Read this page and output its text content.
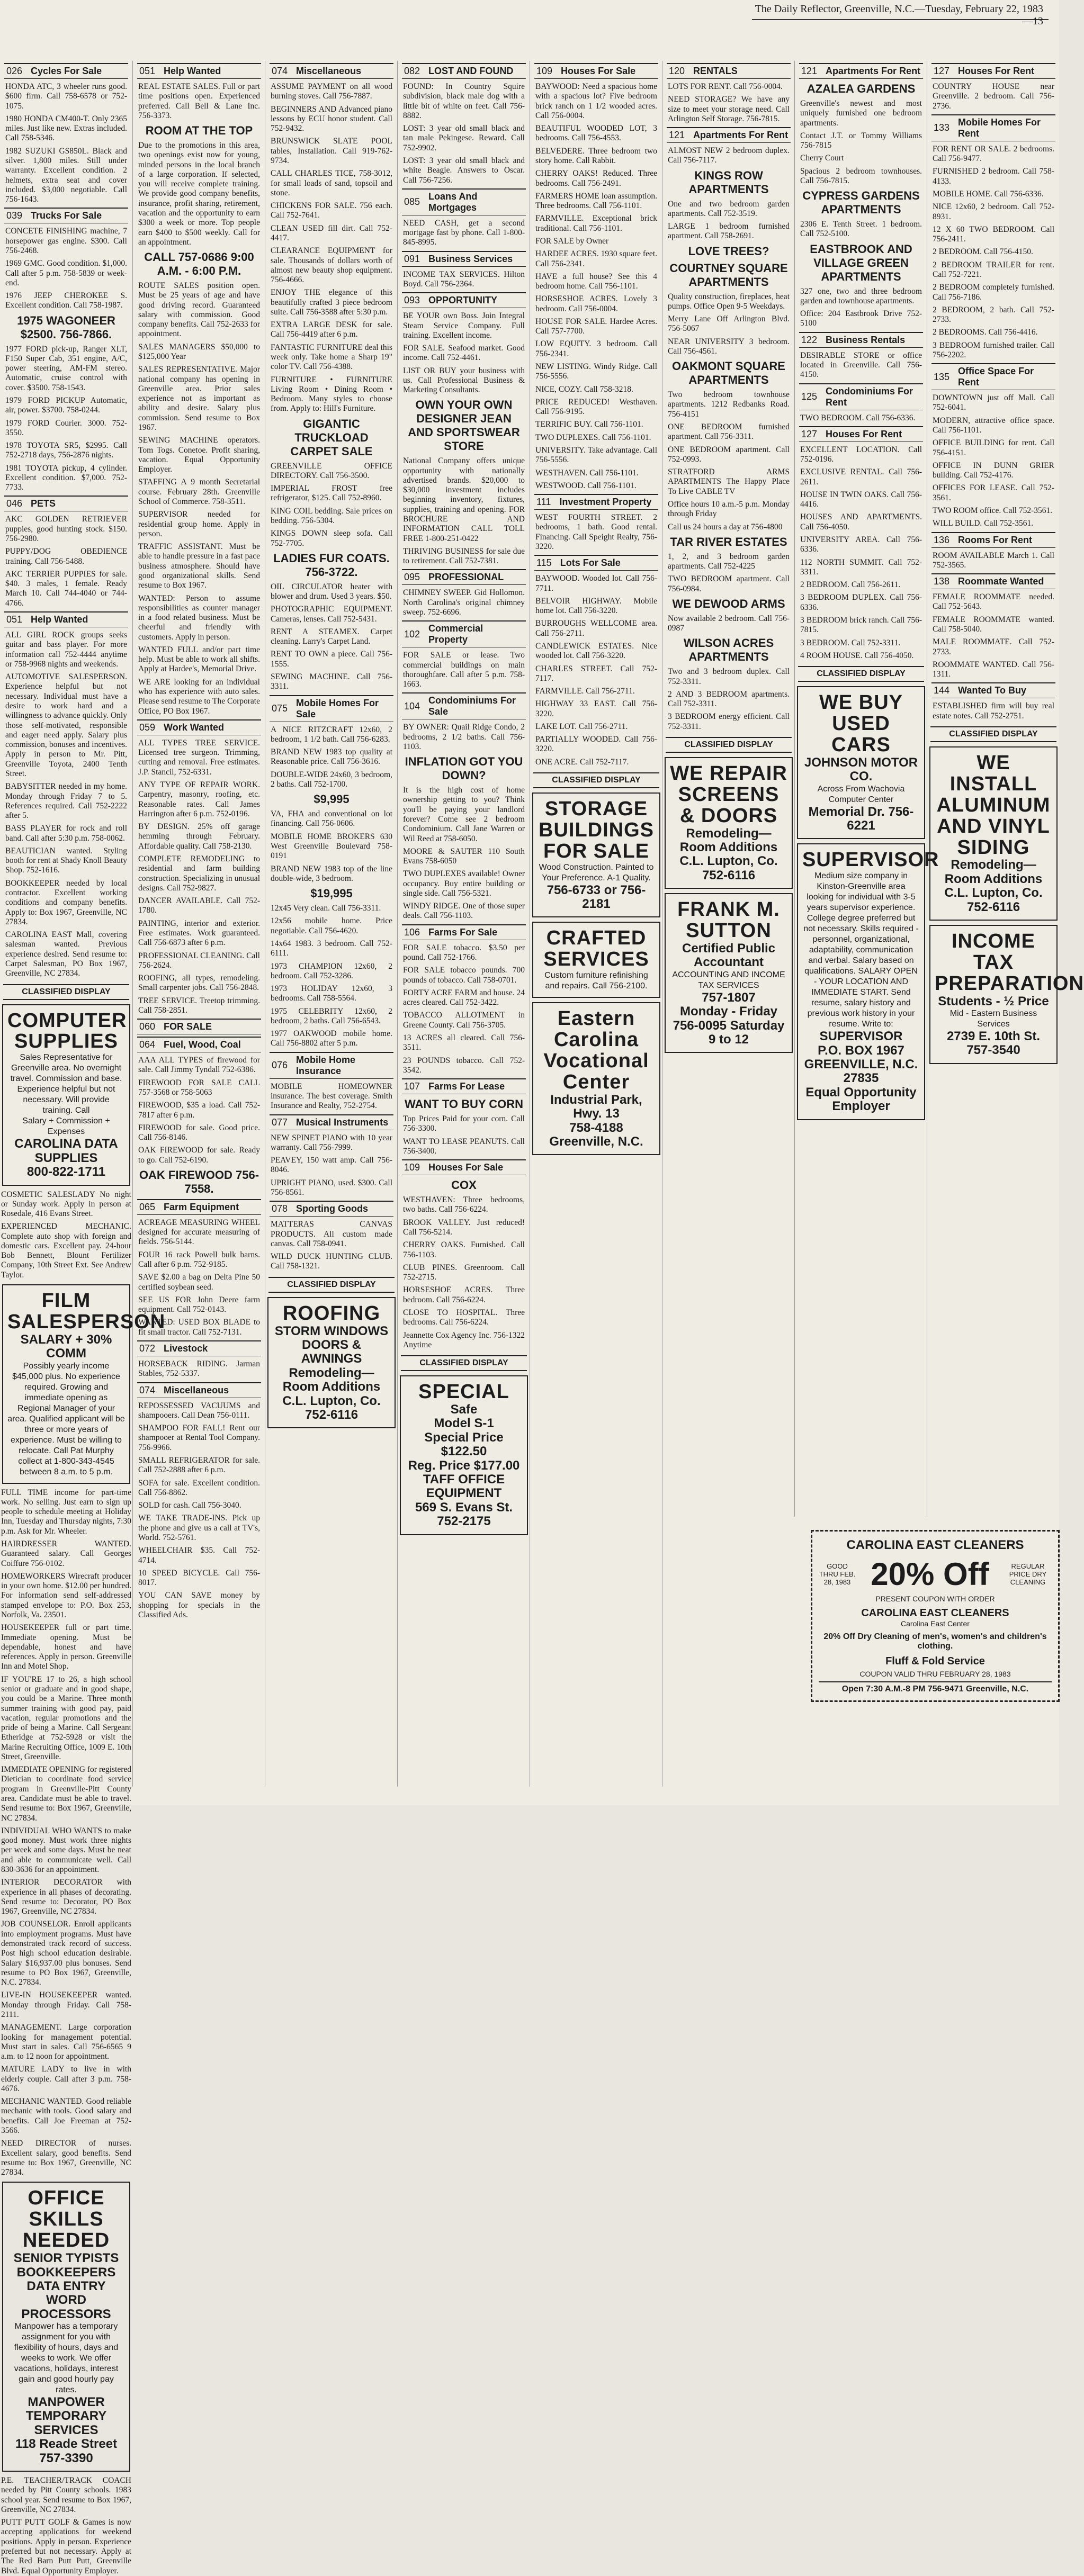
The Daily Reflector, Greenville, N.C.—Tuesday, February 22, 1983—13
026 Cycles For Sale
HONDA ATC, 3 wheeler runs good. $600 firm. Call 758-6578 or 752-1075.
1980 HONDA CM400-T. Only 2365 miles. Just like new. Extras included. Call 758-5346.
1982 SUZUKI GS850L. Black and silver. 1,800 miles. Still under warranty. Excellent condition. 2 helmets, extra seat and cover included. $3,000 negotiable. Call 756-1643.
039 Trucks For Sale
CONCETE FINISHING machine, 7 horsepower gas engine. $300. Call 756-2468.
1969 GMC. Good condition. $1,000. Call after 5 p.m. 758-5839 or week-end.
1976 JEEP CHEROKEE S. Excellent condition. Call 758-1987.
1975 WAGONEER $2500. 756-7866.
1977 FORD pick-up, Ranger XLT, F150 Super Cab, 351 engine, A/C, power steering, AM-FM stereo. Automatic, cruise control with cover. $3500. 758-1543.
1979 FORD PICKUP Automatic, air, power. $3700. 758-0244.
1979 FORD Courier. 3000. 752-3550.
1978 TOYOTA SR5, $2995. Call 752-2718 days, 756-2876 nights.
1981 TOYOTA pickup, 4 cylinder. Excellent condition. $7,000. 752-7733.
046 PETS
AKC GOLDEN RETRIEVER puppies, good hunting stock. $150. 756-2980.
PUPPY/DOG OBEDIENCE training. Call 756-5488.
AKC TERRIER PUPPIES for sale. $40. 3 males, 1 female. Ready March 10. Call 744-4040 or 744-4766.
051 Help Wanted
ALL GIRL ROCK groups seeks guitar and bass player. For more information call 752-4444 anytime or 758-9968 nights and weekends.
AUTOMOTIVE SALESPERSON. Experience helpful but not necessary. Individual must have a desire to work hard and a willingness to advance quickly. Only those self-motivated, responsible and eager need apply. Salary plus commission, bonuses and incentives. Apply in person to Mr. Pitt, Greenville Toyota, 2400 Tenth Street.
BABYSITTER needed in my home. Monday through Friday 7 to 5. References required. Call 752-2222 after 5.
BASS PLAYER for rock and roll band. Call after 5:30 p.m. 758-0062.
BEAUTICIAN wanted. Styling booth for rent at Shady Knoll Beauty Shop. 752-1616.
BOOKKEEPER needed by local contractor. Excellent working conditions and company benefits. Apply to: Box 1967, Greenville, NC 27834.
CAROLINA EAST Mall, covering salesman wanted. Previous experience desired. Send resume to: Carpet Salesman, PO Box 1967, Greenville, NC 27834.
CLASSIFIED DISPLAY
COMPUTER SUPPLIES
Sales Representative for Greenville area. No overnight travel. Commission and base. Experience helpful but not necessary. Will provide training. Call
Salary + Commission + Expenses
CAROLINA DATA SUPPLIES
800-822-1711
COSMETIC SALESLADY No night or Sunday work. Apply in person at Rosedale, 416 Evans Street.
EXPERIENCED MECHANIC. Complete auto shop with foreign and domestic cars. Excellent pay. 24-hour Bob Bennett, Blount Fertilizer Company, 10th Street Ext. See Andrew Taylor.
FILM SALESPERSON
SALARY + 30% COMM
Possibly yearly income $45,000 plus. No experience required. Growing and immediate opening as Regional Manager of your area. Qualified applicant will be three or more years of experience. Must be willing to relocate. Call Pat Murphy collect at 1-800-343-4545 between 8 a.m. to 5 p.m.
FULL TIME income for part-time work. No selling. Just earn to sign up people to schedule meeting at Holiday Inn, Tuesday and Thursday nights, 7:30 p.m. Ask for Mr. Wheeler.
HAIRDRESSER WANTED. Guaranteed salary. Call Georges Coiffure 756-0102.
HOMEWORKERS Wirecraft producer in your own home. $12.00 per hundred. For information send self-addressed stamped envelope to: P.O. Box 253, Norfolk, Va. 23501.
HOUSEKEEPER full or part time. Immediate opening. Must be dependable, honest and have references. Apply in person. Greenville Inn and Motel Shop.
IF YOU'RE 17 to 26, a high school senior or graduate and in good shape, you could be a Marine. Three month summer training with good pay, paid vacation, regular promotions and the pride of being a Marine. Call Sergeant Etheridge at 752-5928 or visit the Marine Recruiting Office, 1009 E. 10th Street, Greenville.
IMMEDIATE OPENING for registered Dietician to coordinate food service program in Greenville-Pitt County area. Candidate must be able to travel. Send resume to: Box 1967, Greenville, NC 27834.
INDIVIDUAL WHO WANTS to make good money. Must work three nights per week and some days. Must be neat and able to communicate well. Call 830-3636 for an appointment.
INTERIOR DECORATOR with experience in all phases of decorating. Send resume to: Decorator, PO Box 1967, Greenville, NC 27834.
JOB COUNSELOR. Enroll applicants into employment programs. Must have demonstrated track record of success. Post high school education desirable. Salary $16,937.00 plus bonuses. Send resume to PO Box 1967, Greenville, N.C. 27834.
LIVE-IN HOUSEKEEPER wanted. Monday through Friday. Call 758-2111.
MANAGEMENT. Large corporation looking for management potential. Must start in sales. Call 756-6565 9 a.m. to 12 noon for appointment.
MATURE LADY to live in with elderly couple. Call after 3 p.m. 758-4676.
MECHANIC WANTED. Good reliable mechanic with tools. Good salary and benefits. Call Joe Freeman at 752-3566.
NEED DIRECTOR of nurses. Excellent salary, good benefits. Send resume to: Box 1967, Greenville, NC 27834.
OFFICE SKILLS NEEDED
SENIOR TYPISTS
BOOKKEEPERS
DATA ENTRY
WORD PROCESSORS
Manpower has a temporary assignment for you with flexibility of hours, days and weeks to work. We offer vacations, holidays, interest gain and good hourly pay rates.
MANPOWER TEMPORARY SERVICES
118 Reade Street
757-3390
P.E. TEACHER/TRACK COACH needed by Pitt County schools. 1983 school year. Send resume to Box 1967, Greenville, NC 27834.
PUTT PUTT GOLF & Games is now accepting applications for weekend positions. Apply in person. Experience preferred but not necessary. Apply at The Red Barn Putt Putt, Greenville Blvd. Equal Opportunity Employer.
051 Help Wanted
REAL ESTATE SALES. Full or part time positions open. Experienced preferred. Call Bell & Lane Inc. 756-3373.
ROOM AT THE TOP
Due to the promotions in this area, two openings exist now for young, minded persons in the local branch of a large corporation. If selected, you will receive complete training. We provide good company benefits, insurance, profit sharing, retirement, vacation and the opportunity to earn $300 a week or more. Top people earn $400 to $500 weekly. Call for an appointment.
CALL 757-0686 9:00 A.M. - 6:00 P.M.
ROUTE SALES position open. Must be 25 years of age and have good driving record. Guaranteed salary with commission. Good company benefits. Call 752-2633 for appointment.
SALES MANAGERS $50,000 to $125,000 Year
SALES REPRESENTATIVE. Major national company has opening in Greenville area. Prior sales experience not as important as ability and desire. Salary plus commission. Send resume to Box 1967.
SEWING MACHINE operators. Tom Togs. Conetoe. Profit sharing, vacation. Equal Opportunity Employer.
STAFFING A 9 month Secretarial course. February 28th. Greenville School of Commerce. 758-3511.
SUPERVISOR needed for residential group home. Apply in person.
TRAFFIC ASSISTANT. Must be able to handle pressure in a fast pace business atmosphere. Should have good organizational skills. Send resume to Box 1967.
WANTED: Person to assume responsibilities as counter manager in a food related business. Must be cheerful and friendly with customers. Apply in person.
WANTED FULL and/or part time help. Must be able to work all shifts. Apply at Hardee's, Memorial Drive.
WE ARE looking for an individual who has experience with auto sales. Please send resume to The Corporate Office, PO Box 1967.
059 Work Wanted
ALL TYPES TREE SERVICE. Licensed tree surgeon. Trimming, cutting and removal. Free estimates. J.P. Stancil, 752-6331.
ANY TYPE OF REPAIR WORK. Carpentry, masonry, roofing, etc. Reasonable rates. Call James Harrington after 6 p.m. 752-0196.
BY DESIGN. 25% off garage hemming through February. Affordable quality. Call 758-2130.
COMPLETE REMODELING to residential and farm building construction. Specializing in unusual designs. Call 752-9827.
DANCER AVAILABLE. Call 752-1780.
PAINTING, interior and exterior. Free estimates. Work guaranteed. Call 756-6873 after 6 p.m.
PROFESSIONAL CLEANING. Call 756-2624.
ROOFING, all types, remodeling. Small carpenter jobs. Call 756-2848.
TREE SERVICE. Treetop trimming. Call 758-2851.
060 FOR SALE
064 Fuel, Wood, Coal
AAA ALL TYPES of firewood for sale. Call Jimmy Tyndall 752-6386.
FIREWOOD FOR SALE CALL 757-3568 or 758-5063
FIREWOOD, $35 a load. Call 752-7817 after 6 p.m.
FIREWOOD for sale. Good price. Call 756-8146.
OAK FIREWOOD for sale. Ready to go. Call 752-6190.
OAK FIREWOOD 756-7558.
065 Farm Equipment
ACREAGE MEASURING WHEEL designed for accurate measuring of fields. 756-5144.
FOUR 16 rack Powell bulk barns. Call after 6 p.m. 752-9185.
SAVE $2.00 a bag on Delta Pine 50 certified soybean seed.
SEE US FOR John Deere farm equipment. Call 752-0143.
WANTED: USED BOX BLADE to fit small tractor. Call 752-7131.
072 Livestock
HORSEBACK RIDING. Jarman Stables, 752-5337.
074 Miscellaneous
REPOSSESSED VACUUMS and shampooers. Call Dean 756-0111.
SHAMPOO FOR FALL! Rent our shampooer at Rental Tool Company. 756-9966.
SMALL REFRIGERATOR for sale. Call 752-2888 after 6 p.m.
SOFA for sale. Excellent condition. Call 756-8862.
SOLD for cash. Call 756-3040.
WE TAKE TRADE-INS. Pick up the phone and give us a call at TV's, World. 752-5761.
WHEELCHAIR $35. Call 752-4714.
10 SPEED BICYCLE. Call 756-8017.
YOU CAN SAVE money by shopping for specials in the Classified Ads.
074 Miscellaneous
ASSUME PAYMENT on all wood burning stoves. Call 756-7887.
BEGINNERS AND Advanced piano lessons by ECU honor student. Call 752-9432.
BRUNSWICK SLATE POOL tables, Installation. Call 919-762-9734.
CALL CHARLES TICE, 758-3012, for small loads of sand, topsoil and stone.
CHICKENS FOR SALE. 756 each. Call 752-7641.
CLEAN USED fill dirt. Call 752-4417.
CLEARANCE EQUIPMENT for sale. Thousands of dollars worth of almost new beauty shop equipment. 756-4666.
ENJOY THE elegance of this beautifully crafted 3 piece bedroom suite. Call 756-3588 after 5:30 p.m.
EXTRA LARGE DESK for sale. Call 756-4419 after 6 p.m.
FANTASTIC FURNITURE deal this week only. Take home a Sharp 19" color TV. Call 756-4388.
FURNITURE • FURNITURE Living Room • Dining Room • Bedroom. Many styles to choose from. Apply to: Hill's Furniture.
GIGANTIC TRUCKLOAD CARPET SALE
GREENVILLE OFFICE DIRECTORY. Call 756-3500.
IMPERIAL FROST free refrigerator, $125. Call 752-8960.
KING COIL bedding. Sale prices on bedding. 756-5304.
KINGS DOWN sleep sofa. Call 752-7705.
LADIES FUR COATS. 756-3722.
OIL CIRCULATOR heater with blower and drum. Used 3 years. $50.
PHOTOGRAPHIC EQUIPMENT. Cameras, lenses. Call 752-5431.
RENT A STEAMEX. Carpet cleaning. Larry's Carpet Land.
RENT TO OWN a piece. Call 756-1555.
SEWING MACHINE. Call 756-3311.
075
Mobile Homes For Sale
A NICE RITZCRAFT 12x60, 2 bedroom, 1 1/2 bath. Call 756-6283.
BRAND NEW 1983 top quality at Reasonable price. Call 756-3616.
DOUBLE-WIDE 24x60, 3 bedroom, 2 baths. Call 752-1700.
$9,995
VA, FHA and conventional on lot financing. Call 756-0606.
MOBILE HOME BROKERS 630 West Greenville Boulevard 758-0191
BRAND NEW 1983 top of the line double-wide, 3 bedroom.
$19,995
12x45 Very clean. Call 756-3311.
12x56 mobile home. Price negotiable. Call 756-4620.
14x64 1983. 3 bedroom. Call 752-6111.
1973 CHAMPION 12x60, 2 bedroom. Call 752-3286.
1973 HOLIDAY 12x60, 3 bedrooms. Call 758-5564.
1975 CELEBRITY 12x60, 2 bedroom, 2 baths. Call 756-6543.
1977 OAKWOOD mobile home. Call 756-8802 after 5 p.m.
076
Mobile Home Insurance
MOBILE HOMEOWNER insurance. The best coverage. Smith Insurance and Realty, 752-2754.
077 Musical Instruments
NEW SPINET PIANO with 10 year warranty. Call 756-7999.
PEAVEY, 150 watt amp. Call 756-8046.
UPRIGHT PIANO, used. $300. Call 756-8561.
078 Sporting Goods
MATTERAS CANVAS PRODUCTS. All custom made canvas. Call 758-0941.
WILD DUCK HUNTING CLUB. Call 758-1321.
CLASSIFIED DISPLAY
ROOFING
STORM WINDOWS
DOORS & AWNINGS
Remodeling—Room Additions
C.L. Lupton, Co.
752-6116
082 LOST AND FOUND
FOUND: In Country Squire subdivision, black male dog with a little bit of white on feet. Call 756-8882.
LOST: 3 year old small black and tan male Pekingese. Reward. Call 752-9902.
LOST: 3 year old small black and white Beagle. Answers to Oscar. Call 756-7256.
085
Loans And Mortgages
NEED CASH, get a second mortgage fast by phone. Call 1-800-845-8995.
091 Business Services
INCOME TAX SERVICES. Hilton Boyd. Call 756-2364.
093 OPPORTUNITY
BE YOUR own Boss. Join Integral Steam Service Company. Full training. Excellent income.
FOR SALE. Seafood market. Good income. Call 752-4461.
LIST OR BUY your business with us. Call Professional Business & Marketing Consultants.
OWN YOUR OWN DESIGNER JEAN AND SPORTSWEAR STORE
National Company offers unique opportunity with nationally advertised brands. $20,000 to $30,000 investment includes beginning inventory, fixtures, supplies, training and opening. FOR BROCHURE AND INFORMATION CALL TOLL FREE 1-800-251-0422
THRIVING BUSINESS for sale due to retirement. Call 752-7381.
095 PROFESSIONAL
CHIMNEY SWEEP. Gid Hollomon. North Carolina's original chimney sweep. 752-6696.
102
Commercial Property
FOR SALE or lease. Two commercial buildings on main thoroughfare. Call after 5 p.m. 758-1663.
104
Condominiums For Sale
BY OWNER: Quail Ridge Condo, 2 bedrooms, 2 1/2 baths. Call 756-1103.
INFLATION GOT YOU DOWN?
It is the high cost of home ownership getting to you? Think you'll be paying your landlord forever? Come see 2 bedroom Condominium. Call Jane Warren or Wil Reed at 758-6050.
MOORE & SAUTER 110 South Evans 758-6050
TWO DUPLEXES available! Owner occupancy. Buy entire building or single side. Call 756-5321.
WINDY RIDGE. One of those super deals. Call 756-1103.
106 Farms For Sale
FOR SALE tobacco. $3.50 per pound. Call 752-1766.
FOR SALE tobacco pounds. 700 pounds of tobacco. Call 758-0701.
FORTY ACRE FARM and house. 24 acres cleared. Call 752-3422.
TOBACCO ALLOTMENT in Greene County. Call 756-3705.
13 ACRES all cleared. Call 756-3511.
23 POUNDS tobacco. Call 752-3542.
107 Farms For Lease
WANT TO BUY CORN
Top Prices Paid for your corn. Call 756-3300.
WANT TO LEASE PEANUTS. Call 756-3400.
109 Houses For Sale
COX
WESTHAVEN: Three bedrooms, two baths. Call 756-6224.
BROOK VALLEY. Just reduced! Call 756-5214.
CHERRY OAKS. Furnished. Call 756-1103.
CLUB PINES. Greenroom. Call 752-2715.
HORSESHOE ACRES. Three bedroom. Call 756-6224.
CLOSE TO HOSPITAL. Three bedrooms. Call 756-6224.
Jeannette Cox Agency Inc. 756-1322 Anytime
CLASSIFIED DISPLAY
SPECIAL
Safe
Model S-1
Special Price $122.50
Reg. Price $177.00
TAFF OFFICE EQUIPMENT
569 S. Evans St. 752-2175
109 Houses For Sale
BAYWOOD: Need a spacious home with a spacious lot? Five bedroom brick ranch on 1 1/2 wooded acres. Call 756-0004.
BEAUTIFUL WOODED LOT, 3 bedrooms. Call 756-4553.
BELVEDERE. Three bedroom two story home. Call Rabbit.
CHERRY OAKS! Reduced. Three bedrooms. Call 756-2491.
FARMERS HOME loan assumption. Three bedrooms. Call 756-1101.
FARMVILLE. Exceptional brick traditional. Call 756-1101.
FOR SALE by Owner
HARDEE ACRES. 1930 square feet. Call 756-2341.
HAVE a full house? See this 4 bedroom home. Call 756-1101.
HORSESHOE ACRES. Lovely 3 bedroom. Call 756-0004.
HOUSE FOR SALE. Hardee Acres. Call 757-7700.
LOW EQUITY. 3 bedroom. Call 756-2341.
NEW LISTING. Windy Ridge. Call 756-5556.
NICE, COZY. Call 758-3218.
PRICE REDUCED! Westhaven. Call 756-9195.
TERRIFIC BUY. Call 756-1101.
TWO DUPLEXES. Call 756-1101.
UNIVERSITY. Take advantage. Call 756-5556.
WESTHAVEN. Call 756-1101.
WESTWOOD. Call 756-1101.
111 Investment Property
WEST FOURTH STREET. 2 bedrooms, 1 bath. Good rental. Financing. Call Speight Realty, 756-3220.
115 Lots For Sale
BAYWOOD. Wooded lot. Call 756-7711.
BELVOIR HIGHWAY. Mobile home lot. Call 756-3220.
BURROUGHS WELLCOME area. Call 756-2711.
CANDLEWICK ESTATES. Nice wooded lot. Call 756-3220.
CHARLES STREET. Call 752-7117.
FARMVILLE. Call 756-2711.
HIGHWAY 33 EAST. Call 756-3220.
LAKE LOT. Call 756-2711.
PARTIALLY WOODED. Call 756-3220.
ONE ACRE. Call 752-7117.
CLASSIFIED DISPLAY
STORAGE BUILDINGS FOR SALE
Wood Construction. Painted to Your Preference. A-1 Quality.
756-6733 or 756-2181
CRAFTED SERVICES
Custom furniture refinishing and repairs. Call 756-2100.
Eastern Carolina Vocational Center
Industrial Park, Hwy. 13
758-4188
Greenville, N.C.
120 RENTALS
LOTS FOR RENT. Call 756-0004.
NEED STORAGE? We have any size to meet your storage need. Call Arlington Self Storage. 756-7815.
121 Apartments For Rent
ALMOST NEW 2 bedroom duplex. Call 756-7117.
KINGS ROW APARTMENTS
One and two bedroom garden apartments. Call 752-3519.
LARGE 1 bedroom furnished apartment. Call 758-2691.
LOVE TREES?
COURTNEY SQUARE APARTMENTS
Quality construction, fireplaces, heat pumps. Office Open 9-5 Weekdays.
Merry Lane Off Arlington Blvd. 756-5067
NEAR UNIVERSITY 3 bedroom. Call 756-4561.
OAKMONT SQUARE APARTMENTS
Two bedroom townhouse apartments. 1212 Redbanks Road. 756-4151
ONE BEDROOM furnished apartment. Call 756-3311.
ONE BEDROOM apartment. Call 752-0993.
STRATFORD ARMS APARTMENTS The Happy Place To Live CABLE TV
Office hours 10 a.m.-5 p.m. Monday through Friday
Call us 24 hours a day at 756-4800
TAR RIVER ESTATES
1, 2, and 3 bedroom garden apartments. Call 752-4225
TWO BEDROOM apartment. Call 756-0984.
WE DEWOOD ARMS
Now available 2 bedroom. Call 756-0987
WILSON ACRES APARTMENTS
Two and 3 bedroom duplex. Call 752-3311.
2 AND 3 BEDROOM apartments. Call 752-3311.
3 BEDROOM energy efficient. Call 752-3311.
CLASSIFIED DISPLAY
WE REPAIR SCREENS & DOORS
Remodeling—Room Additions
C.L. Lupton, Co.
752-6116
FRANK M. SUTTON
Certified Public Accountant
ACCOUNTING AND INCOME TAX SERVICES
757-1807
Monday - Friday
756-0095 Saturday 9 to 12
121 Apartments For Rent
AZALEA GARDENS
Greenville's newest and most uniquely furnished one bedroom apartments.
Contact J.T. or Tommy Williams 756-7815
Cherry Court
Spacious 2 bedroom townhouses. Call 756-7815.
CYPRESS GARDENS APARTMENTS
2306 E. Tenth Street. 1 bedroom. Call 752-5100.
EASTBROOK AND VILLAGE GREEN APARTMENTS
327 one, two and three bedroom garden and townhouse apartments.
Office: 204 Eastbrook Drive 752-5100
122 Business Rentals
DESIRABLE STORE or office located in Greenville. Call 756-4150.
125
Condominiums For Rent
TWO BEDROOM. Call 756-6336.
127 Houses For Rent
EXCELLENT LOCATION. Call 752-0196.
EXCLUSIVE RENTAL. Call 756-2611.
HOUSE IN TWIN OAKS. Call 756-4416.
HOUSES AND APARTMENTS. Call 756-4050.
UNIVERSITY AREA. Call 756-6336.
112 NORTH SUMMIT. Call 752-3311.
2 BEDROOM. Call 756-2611.
3 BEDROOM DUPLEX. Call 756-6336.
3 BEDROOM brick ranch. Call 756-7815.
3 BEDROOM. Call 752-3311.
4 ROOM HOUSE. Call 756-4050.
CLASSIFIED DISPLAY
WE BUY USED CARS
JOHNSON MOTOR CO.
Across From Wachovia Computer Center
Memorial Dr. 756-6221
SUPERVISOR
Medium size company in Kinston-Greenville area looking for individual with 3-5 years supervisor experience. College degree preferred but not necessary. Skills required - personnel, organizational, adaptability, communication and verbal. Salary based on qualifications. SALARY OPEN - YOUR LOCATION AND IMMEDIATE START. Send resume, salary history and previous work history in your resume. Write to:
SUPERVISOR
P.O. BOX 1967
GREENVILLE, N.C. 27835
Equal Opportunity Employer
127 Houses For Rent
COUNTRY HOUSE near Greenville. 2 bedroom. Call 756-2736.
133
Mobile Homes For Rent
FOR RENT OR SALE. 2 bedrooms. Call 756-9477.
FURNISHED 2 bedroom. Call 758-4133.
MOBILE HOME. Call 756-6336.
NICE 12x60, 2 bedroom. Call 752-8931.
12 X 60 TWO BEDROOM. Call 756-2411.
2 BEDROOM. Call 756-4150.
2 BEDROOM TRAILER for rent. Call 752-7221.
2 BEDROOM completely furnished. Call 756-7186.
2 BEDROOM, 2 bath. Call 752-2733.
2 BEDROOMS. Call 756-4416.
3 BEDROOM furnished trailer. Call 756-2202.
135
Office Space For Rent
DOWNTOWN just off Mall. Call 752-6041.
MODERN, attractive office space. Call 756-1101.
OFFICE BUILDING for rent. Call 756-4151.
OFFICE IN DUNN GRIER building. Call 752-4176.
OFFICES FOR LEASE. Call 752-3561.
TWO ROOM office. Call 752-3561.
WILL BUILD. Call 752-3561.
136 Rooms For Rent
ROOM AVAILABLE March 1. Call 752-3565.
138 Roommate Wanted
FEMALE ROOMMATE needed. Call 752-5643.
FEMALE ROOMMATE wanted. Call 758-5040.
MALE ROOMMATE. Call 752-2733.
ROOMMATE WANTED. Call 756-1311.
144 Wanted To Buy
ESTABLISHED firm will buy real estate notes. Call 752-2751.
CLASSIFIED DISPLAY
WE INSTALL ALUMINUM AND VINYL SIDING
Remodeling—Room Additions
C.L. Lupton, Co.
752-6116
INCOME TAX PREPARATION
Students - ½ Price
Mid - Eastern Business Services
2739 E. 10th St.
757-3540
CAROLINA EAST CLEANERS
GOOD THRU FEB. 28, 1983 20% Off	REGULAR PRICE DRY CLEANING
PRESENT COUPON WITH ORDER
CAROLINA EAST CLEANERS
Carolina East Center
20% Off Dry Cleaning of men's, women's and children's clothing.
Fluff & Fold Service
COUPON VALID THRU FEBRUARY 28, 1983
Open 7:30 A.M.-8 PM 756-9471 Greenville, N.C.
